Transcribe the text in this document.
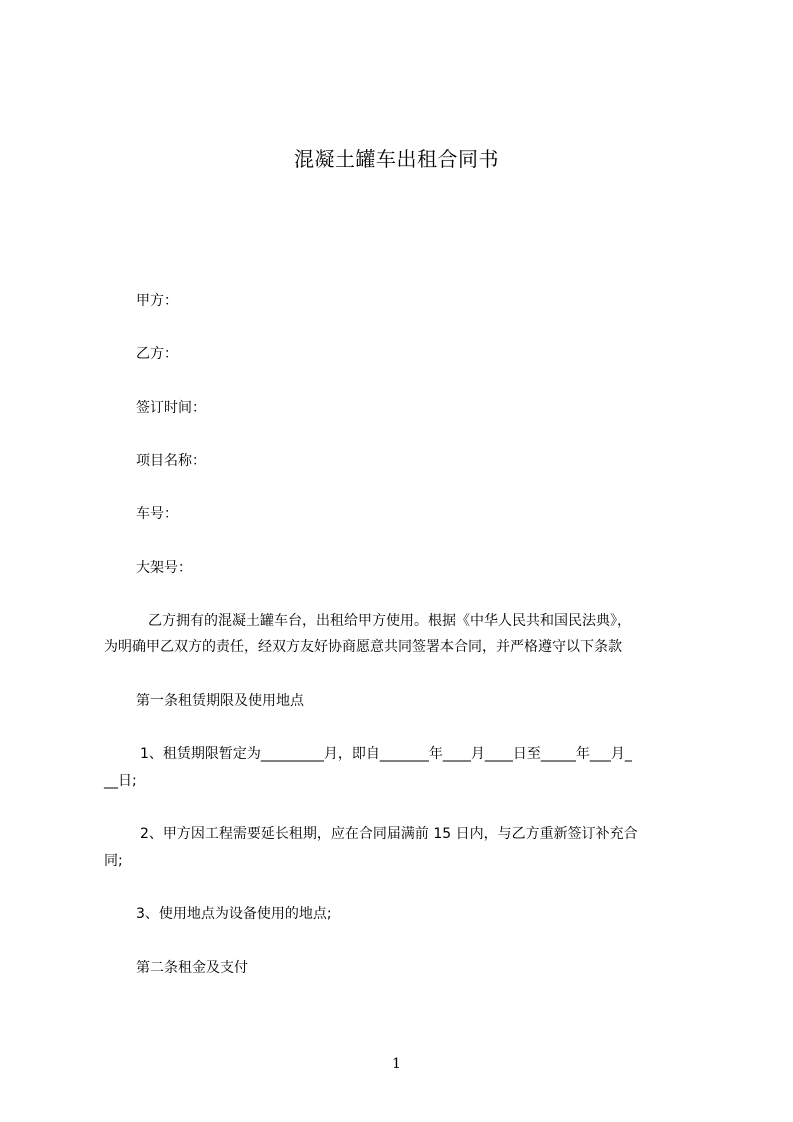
混凝土罐车出租合同书
甲方：
乙方：
签订时间：
项目名称：
车号：
大架号：
乙方拥有的混凝土罐车台，出租给甲方使用。根据《中华人民共和国民法典》，
为明确甲乙双方的责任，经双方友好协商愿意共同签署本合同，并严格遵守以下条款
第一条租赁期限及使用地点
1、租赁期限暂定为_________月，即自_______年____月____日至_____年___月_
__日;
2、甲方因工程需要延长租期，应在合同届满前 15 日内，与乙方重新签订补充合
同;
3、使用地点为设备使用的地点;
第二条租金及支付
1
